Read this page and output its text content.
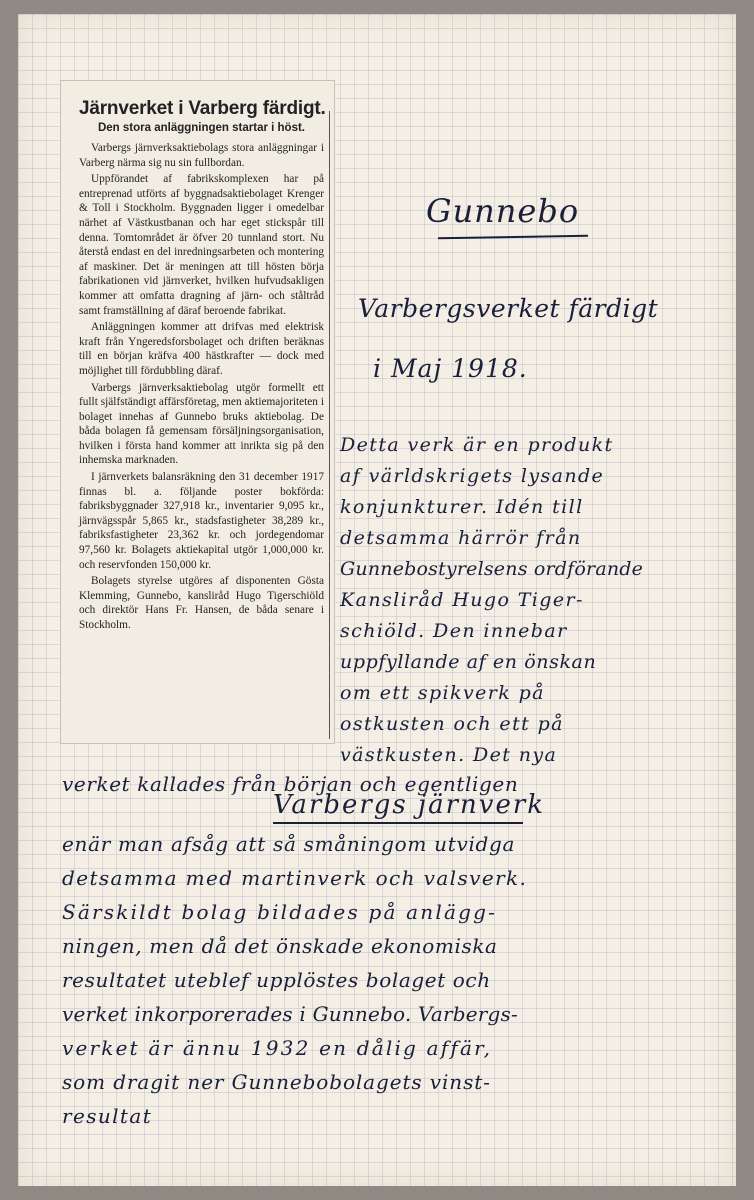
Järnverket i Varberg färdigt.
Den stora anläggningen startar i höst.

Varbergs järnverksaktiebolags stora anläggningar i Varberg närma sig nu sin fullbordan.

Uppförandet af fabrikskomplexen har på entreprenad utförts af byggnadsaktiebolaget Krenger & Toll i Stockholm. Byggnaden ligger i omedelbar närhet af Västkustbanan och har eget stickspår till denna. Tomtområdet är öfver 20 tunnland stort. Nu återstå endast en del inredningsarbeten och montering af maskiner. Det är meningen att till hösten börja fabrikationen vid järnverket, hvilken hufvudsakligen kommer att omfatta dragning af järn- och ståltråd samt framställning af däraf beroende fabrikat.

Anläggningen kommer att drifvas med elektrisk kraft från Yngeredsforsbolaget och driften beräknas till en början kräfva 400 hästkrafter — dock med möjlighet till fördubbling däraf.

Varbergs järnverksaktiebolag utgör formellt ett fullt själfständigt affärsföretag, men aktiemajoriteten i bolaget innehas af Gunnebo bruks aktiebolag. De båda bolagen få gemensam försäljningsorganisation, hvilken i första hand kommer att inrikta sig på den inhemska marknaden.

I järnverkets balansräkning den 31 december 1917 finnas bl. a. följande poster bokförda: fabriksbyggnader 327,918 kr., inventarier 9,095 kr., järnvägsspår 5,865 kr., stadsfastigheter 38,289 kr., fabriksfastigheter 23,362 kr. och jordegendomar 97,560 kr. Bolagets aktiekapital utgör 1,000,000 kr. och reservfonden 150,000 kr.

Bolagets styrelse utgöres af disponenten Gösta Klemming, Gunnebo, kansliråd Hugo Tigerschiöld och direktör Hans Fr. Hansen, de båda senare i Stockholm.

Gunnebo
Varbergsverket färdigt
i Maj 1918.
Detta verk är en produkt
af världskrigets lysande
konjunkturer. Idén till
detsamma härrör från
Gunnebostyrelsens ordförande
Kansliråd Hugo Tiger-
schiöld. Den innebar
uppfyllande af en önskan
om ett spikverk på
ostkusten och ett på
västkusten. Det nya
verket kallades från början och egentligen
Varbergs järnverk
enär man afsåg att så småningom utvidga
detsamma med martinverk och valsverk.
Särskildt bolag bildades på anlägg-
ningen, men då det önskade ekonomiska
resultatet uteblef upplöstes bolaget och
verket inkorporerades i Gunnebo. Varbergs-
verket är ännu 1932 en dålig affär,
som dragit ner Gunnebobolagets vinst-
resultat
